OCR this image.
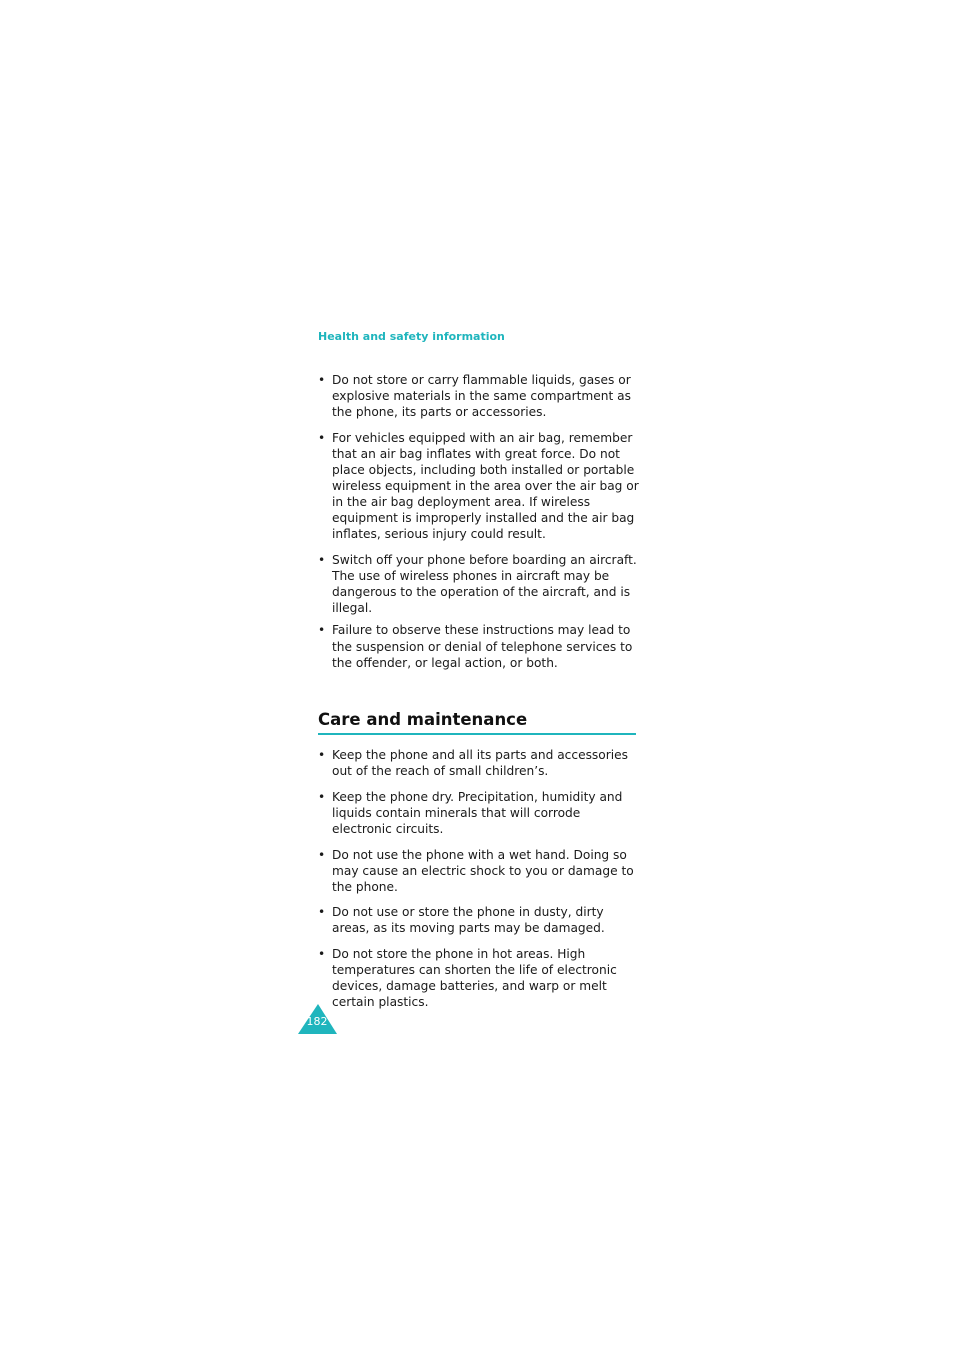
Health and safety information
• Do not store or carry flammable liquids, gases or explosive materials in the same compartment as the phone, its parts or accessories.
• For vehicles equipped with an air bag, remember that an air bag inflates with great force. Do not place objects, including both installed or portable wireless equipment in the area over the air bag or in the air bag deployment area. If wireless equipment is improperly installed and the air bag inflates, serious injury could result.
• Switch off your phone before boarding an aircraft. The use of wireless phones in aircraft may be dangerous to the operation of the aircraft, and is illegal.
• Failure to observe these instructions may lead to the suspension or denial of telephone services to the offender, or legal action, or both.
Care and maintenance
• Keep the phone and all its parts and accessories out of the reach of small children’s.
• Keep the phone dry. Precipitation, humidity and liquids contain minerals that will corrode electronic circuits.
• Do not use the phone with a wet hand. Doing so may cause an electric shock to you or damage to the phone.
• Do not use or store the phone in dusty, dirty areas, as its moving parts may be damaged.
• Do not store the phone in hot areas. High temperatures can shorten the life of electronic devices, damage batteries, and warp or melt certain plastics.
182
